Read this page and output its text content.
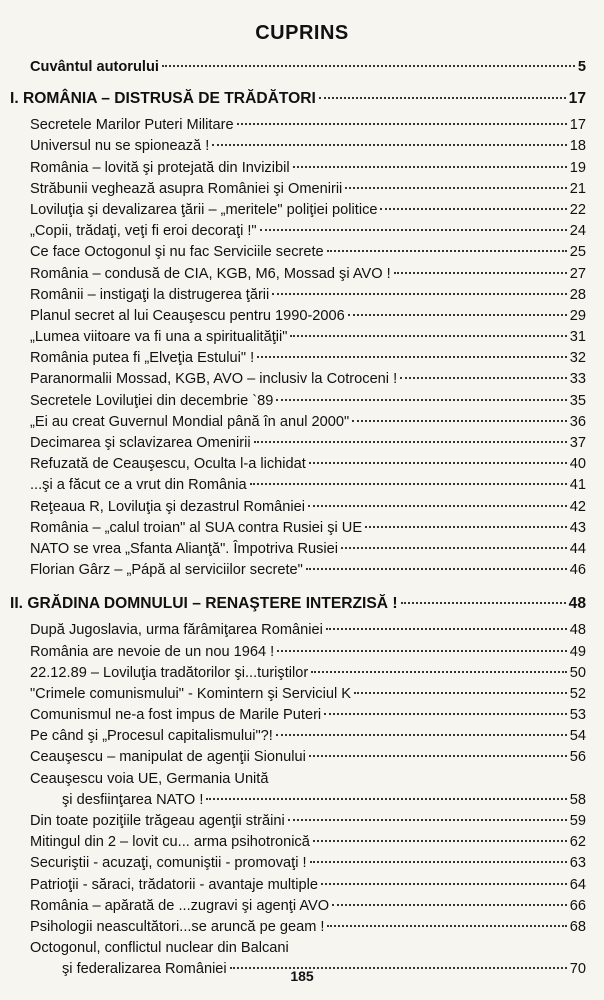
CUPRINS
Cuvântul autorului	5
I. ROMÂNIA – DISTRUSĂ DE TRĂDĂTORI	17
Secretele Marilor Puteri Militare	17
Universul nu se spionează !	18
România – lovită şi protejată din Invizibil	19
Străbunii veghează asupra României şi Omenirii	21
Loviluţia şi devalizarea ţării – „meritele" poliţiei politice	22
„Copii, trădaţi, veţi fi eroi decoraţi !"	24
Ce face Octogonul şi nu fac Serviciile secrete	25
România – condusă de CIA, KGB, M6, Mossad şi AVO !	27
Românii – instigaţi la distrugerea ţării	28
Planul secret al lui Ceauşescu pentru 1990-2006	29
„Lumea viitoare va fi una a spiritualităţii"	31
România putea fi „Elveţia Estului" !	32
Paranormalii Mossad, KGB, AVO – inclusiv la Cotroceni !	33
Secretele Loviluţiei din decembrie `89	35
„Ei au creat Guvernul Mondial până în anul 2000"	36
Decimarea şi sclavizarea Omenirii	37
Refuzată de Ceauşescu, Oculta l-a lichidat	40
...şi a făcut ce a vrut din România	41
Reţeaua R, Loviluţia şi dezastrul României	42
România – „calul troian" al SUA contra Rusiei şi UE	43
NATO se vrea „Sfanta Alianţă". Împotriva Rusiei	44
Florian Gârz – „Pápă al serviciilor secrete"	46
II. GRĂDINA DOMNULUI – RENAŞTERE INTERZISĂ !	48
După Jugoslavia, urma fărâmiţarea României	48
România are nevoie de un nou 1964 !	49
22.12.89 – Loviluţia tradătorilor şi...turiştilor	50
"Crimele comunismului" - Komintern şi Serviciul K	52
Comunismul ne-a fost impus de Marile Puteri	53
Pe când şi „Procesul capitalismului"?!	54
Ceauşescu – manipulat de agenţii Sionului	56
Ceauşescu voia UE, Germania Unită
şi desfiinţarea NATO !	58
Din toate poziţiile trăgeau agenţii străini	59
Mitingul din 2 – lovit cu... arma psihotronică	62
Securiştii - acuzaţi, comuniştii - promovaţi !	63
Patrioţii - săraci, trădatorii - avantaje multiple	64
România – apărată de ...zugravi şi agenţi AVO	66
Psihologii neascultători...se aruncă pe geam !	68
Octogonul, conflictul nuclear din Balcani
şi federalizarea României	70
185
